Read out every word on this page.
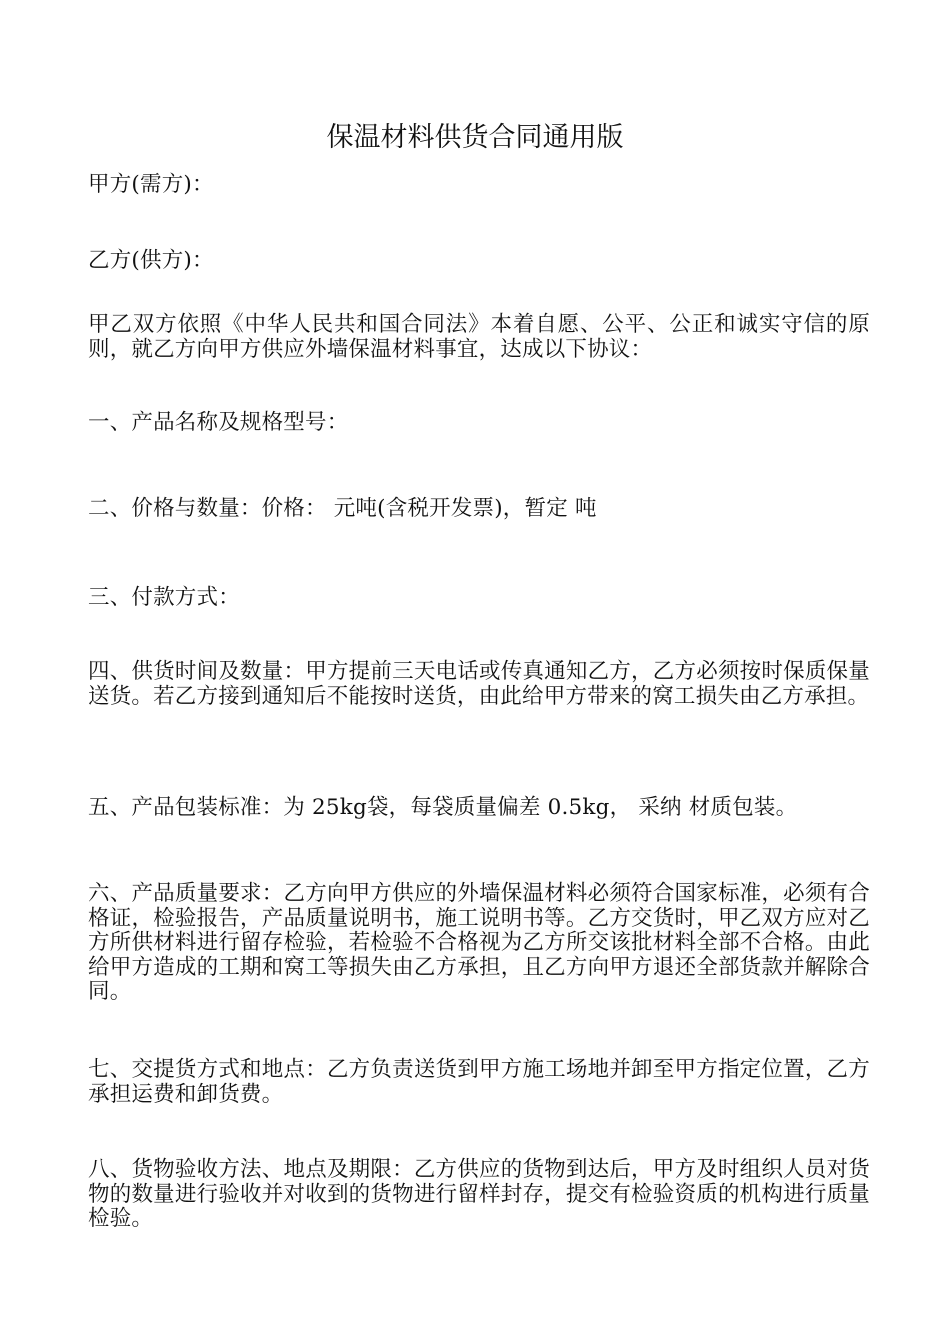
保温材料供货合同通用版

甲方(需方)：

乙方(供方)：

甲乙双方依照《中华人民共和国合同法》本着自愿、公平、公正和诚实守信的原则，就乙方向甲方供应外墙保温材料事宜，达成以下协议：

一、产品名称及规格型号：

二、价格与数量：价格： 元吨(含税开发票)，暂定 吨

三、付款方式：

四、供货时间及数量：甲方提前三天电话或传真通知乙方，乙方必须按时保质保量送货。若乙方接到通知后不能按时送货，由此给甲方带来的窝工损失由乙方承担。

五、产品包装标准：为 25kg袋，每袋质量偏差 0.5kg， 采纳 材质包装。

六、产品质量要求：乙方向甲方供应的外墙保温材料必须符合国家标准，必须有合格证，检验报告，产品质量说明书，施工说明书等。乙方交货时，甲乙双方应对乙方所供材料进行留存检验，若检验不合格视为乙方所交该批材料全部不合格。由此给甲方造成的工期和窝工等损失由乙方承担，且乙方向甲方退还全部货款并解除合同。

七、交提货方式和地点：乙方负责送货到甲方施工场地并卸至甲方指定位置，乙方承担运费和卸货费。

八、货物验收方法、地点及期限：乙方供应的货物到达后，甲方及时组织人员对货物的数量进行验收并对收到的货物进行留样封存，提交有检验资质的机构进行质量检验。
